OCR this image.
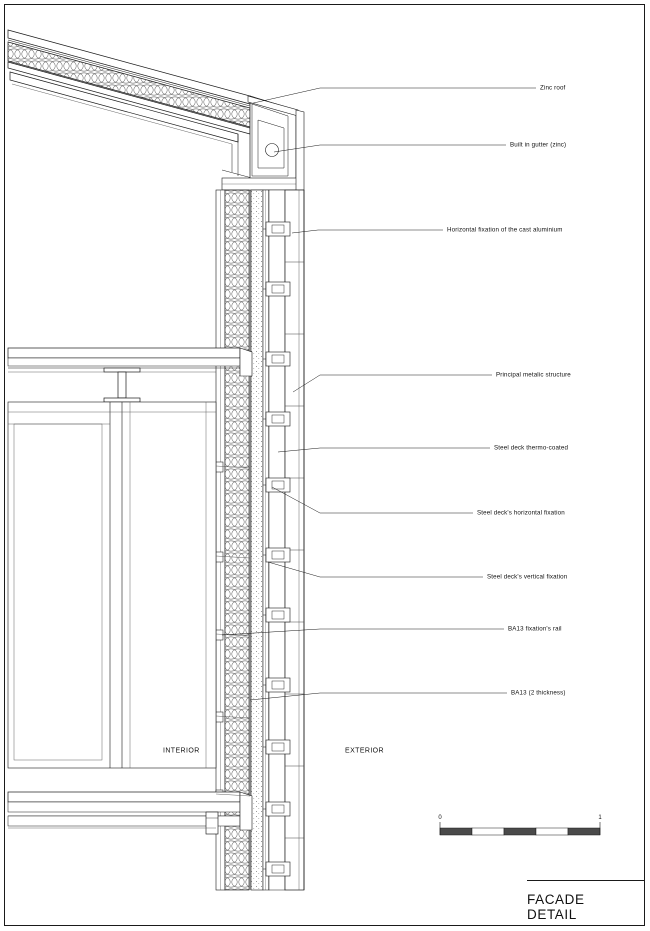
Zinc roof
Built in gutter (zinc)
Horizontal fixation of the cast aluminium
Principal metalic structure
Steel deck thermo-coated
Steel deck's horizontal fixation
Steel deck's vertical fixation
BA13 fixation's rail
BA13 (2 thickness)
INTERIOR	EXTERIOR
0	1
FACADE DETAIL
